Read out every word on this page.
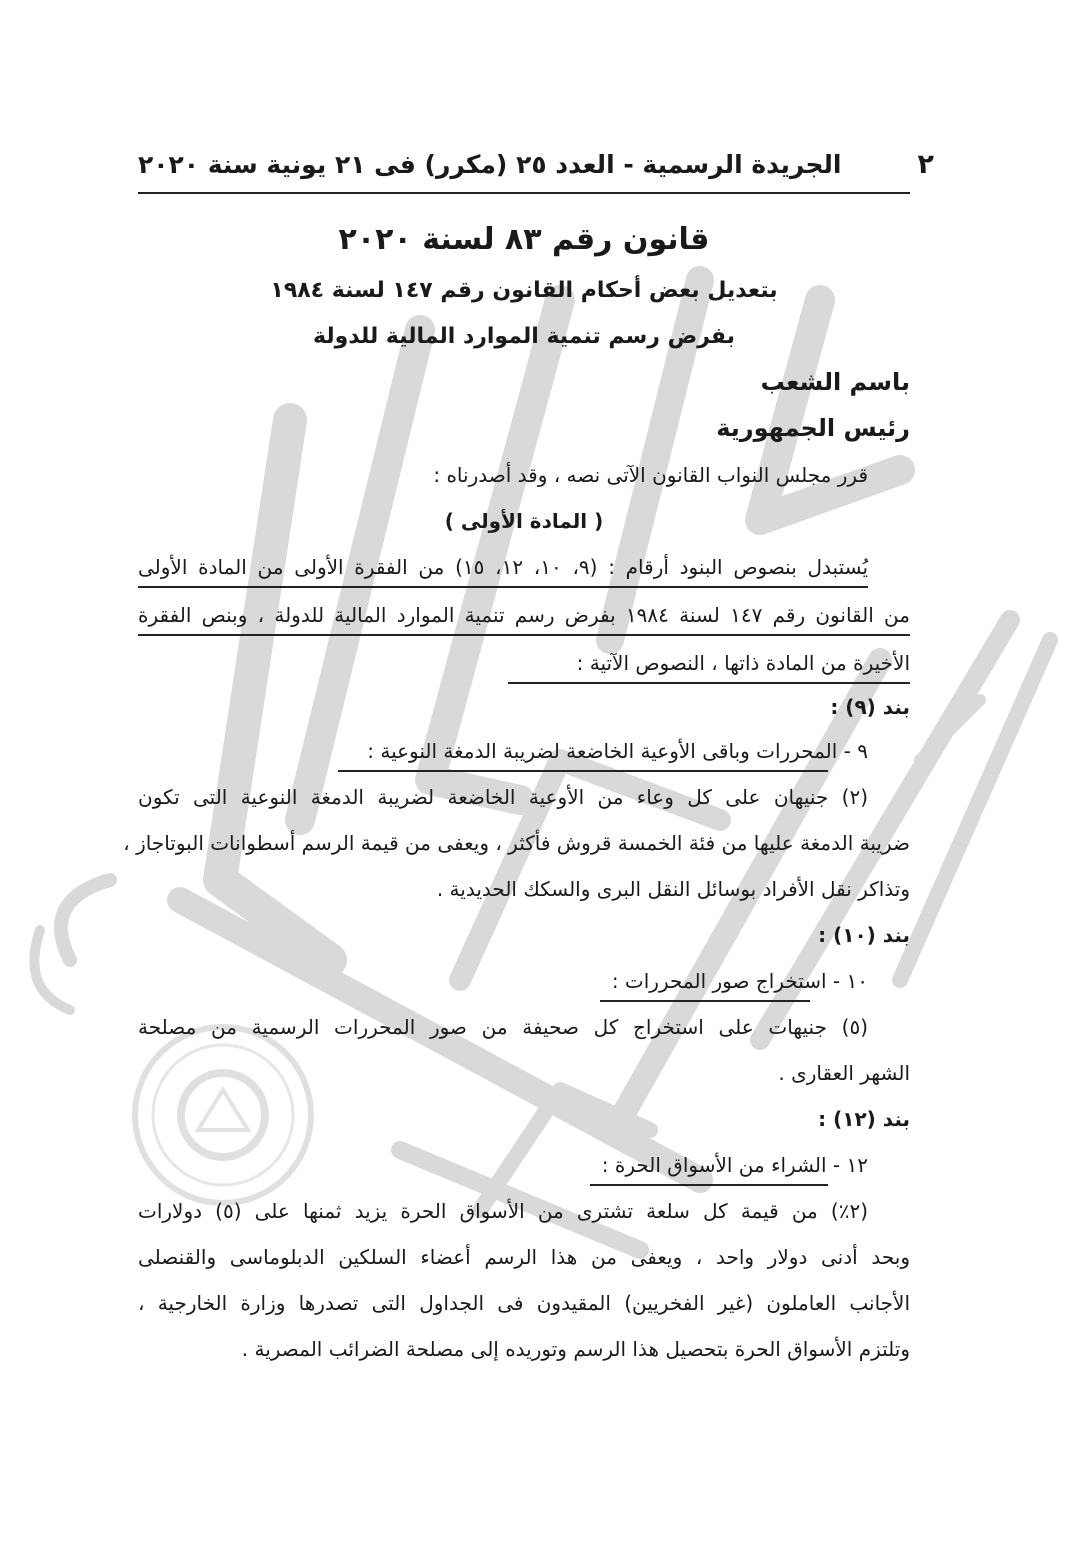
٢
الجريدة الرسمية - العدد ٢٥ (مكرر) فى ٢١ يونية سنة ٢٠٢٠
قانون رقم ٨٣ لسنة ٢٠٢٠
بتعديل بعض أحكام القانون رقم ١٤٧ لسنة ١٩٨٤
بفرض رسم تنمية الموارد المالية للدولة
باسم الشعب
رئيس الجمهورية
قرر مجلس النواب القانون الآتى نصه ، وقد أصدرناه :
( المادة الأولى )
يُستبدل بنصوص البنود أرقام : (٩، ١٠، ١٢، ١٥) من الفقرة الأولى من المادة الأولى
من القانون رقم ١٤٧ لسنة ١٩٨٤ بفرض رسم تنمية الموارد المالية للدولة ، وبنص الفقرة
الأخيرة من المادة ذاتها ، النصوص الآتية :
بند (٩) :
٩ - المحررات وباقى الأوعية الخاضعة لضريبة الدمغة النوعية :
(٢) جنيهان على كل وعاء من الأوعية الخاضعة لضريبة الدمغة النوعية التى تكون
ضريبة الدمغة عليها من فئة الخمسة قروش فأكثر ، ويعفى من قيمة الرسم أسطوانات البوتاجاز ،
وتذاكر نقل الأفراد بوسائل النقل البرى والسكك الحديدية .
بند (١٠) :
١٠ - استخراج صور المحررات :
(٥) جنيهات على استخراج كل صحيفة من صور المحررات الرسمية من مصلحة
الشهر العقارى .
بند (١٢) :
١٢ - الشراء من الأسواق الحرة :
(٢٪) من قيمة كل سلعة تشترى من الأسواق الحرة يزيد ثمنها على (٥) دولارات
وبحد أدنى دولار واحد ، ويعفى من هذا الرسم أعضاء السلكين الدبلوماسى والقنصلى
الأجانب العاملون (غير الفخريين) المقيدون فى الجداول التى تصدرها وزارة الخارجية ،
وتلتزم الأسواق الحرة بتحصيل هذا الرسم وتوريده إلى مصلحة الضرائب المصرية .
